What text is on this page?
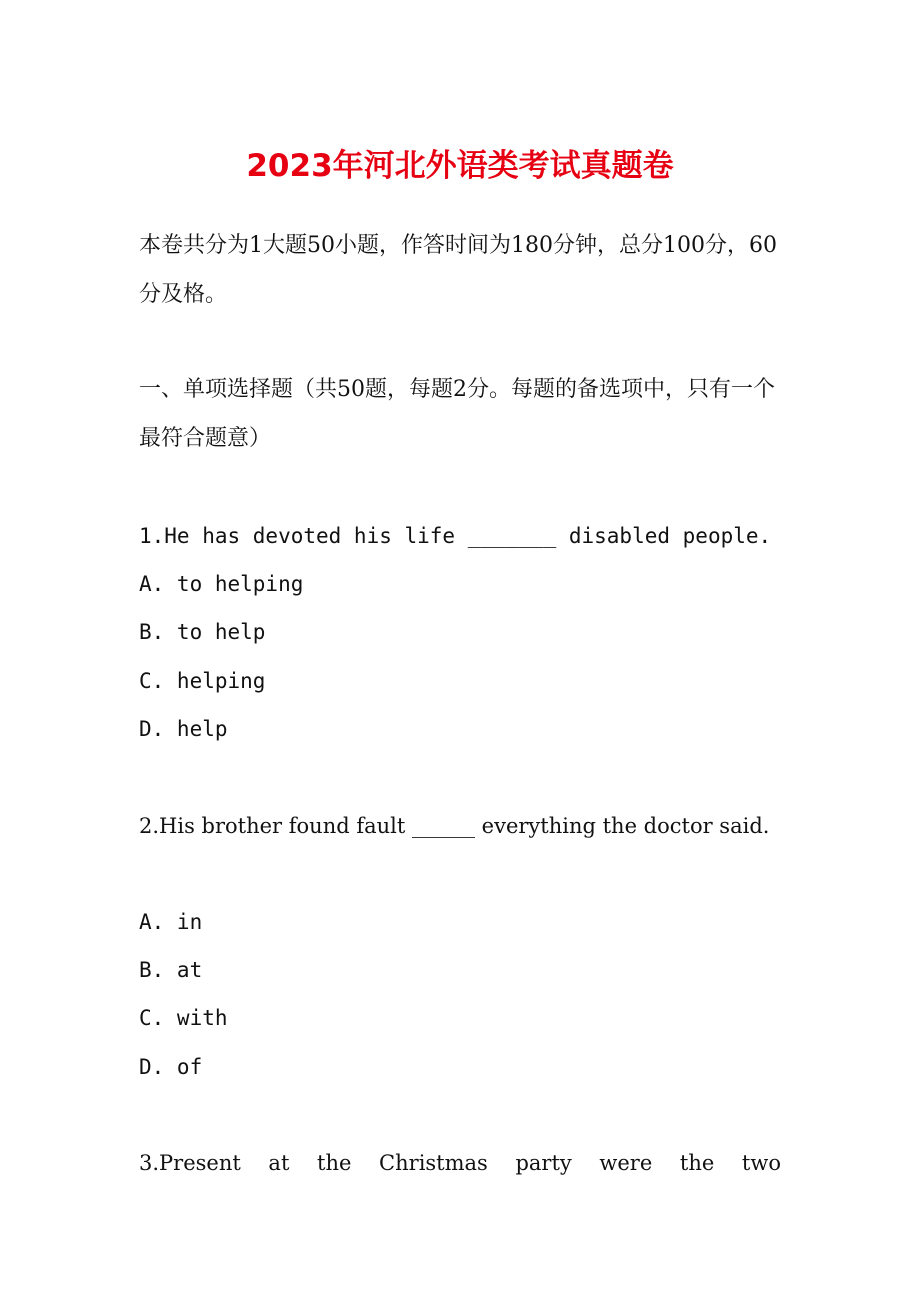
2023年河北外语类考试真题卷

本卷共分为1大题50小题，作答时间为180分钟，总分100分，60分及格。

一、单项选择题（共50题，每题2分。每题的备选项中，只有一个最符合题意）

1.He has devoted his life _______ disabled people.

A. to helping

B. to help

C. helping

D. help

2.His brother found fault ______ everything the doctor said.

A. in

B. at

C. with

D. of

3.Present at the Christmas party were the two
